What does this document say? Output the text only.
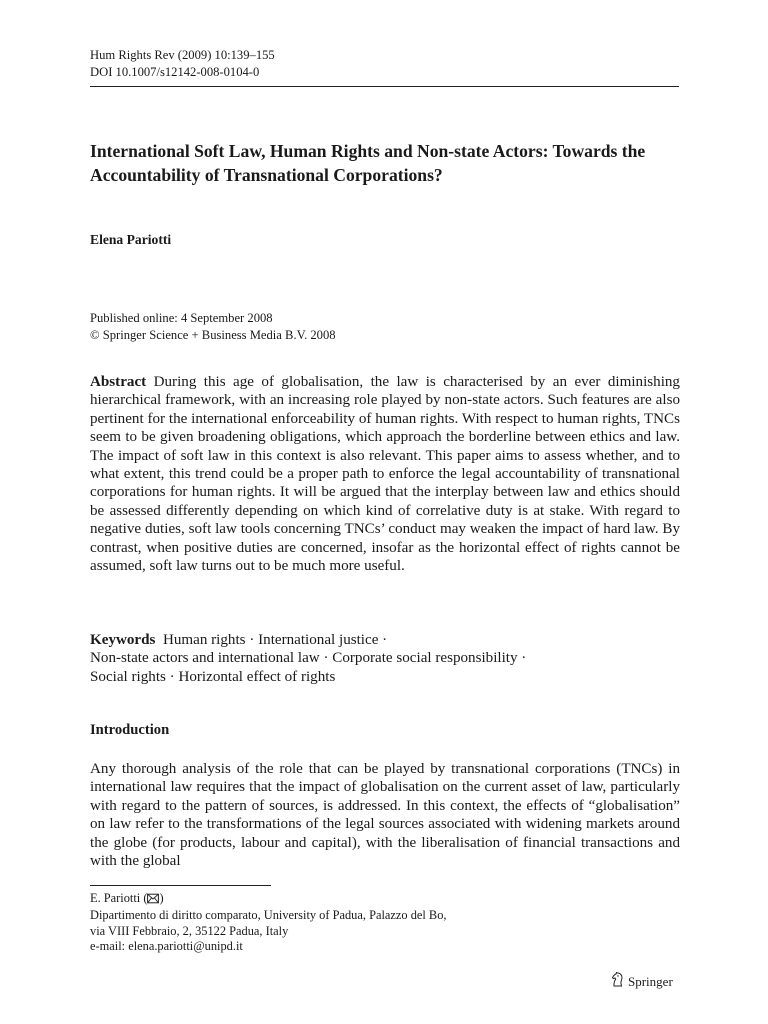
Hum Rights Rev (2009) 10:139–155
DOI 10.1007/s12142-008-0104-0
International Soft Law, Human Rights and Non-state Actors: Towards the Accountability of Transnational Corporations?
Elena Pariotti
Published online: 4 September 2008
© Springer Science + Business Media B.V. 2008

Abstract During this age of globalisation, the law is characterised by an ever diminishing hierarchical framework, with an increasing role played by non-state actors. Such features are also pertinent for the international enforceability of human rights. With respect to human rights, TNCs seem to be given broadening obligations, which approach the borderline between ethics and law. The impact of soft law in this context is also relevant. This paper aims to assess whether, and to what extent, this trend could be a proper path to enforce the legal accountability of transnational corporations for human rights. It will be argued that the interplay between law and ethics should be assessed differently depending on which kind of correlative duty is at stake. With regard to negative duties, soft law tools concerning TNCs’ conduct may weaken the impact of hard law. By contrast, when positive duties are concerned, insofar as the horizontal effect of rights cannot be assumed, soft law turns out to be much more useful.

Keywords Human rights · International justice ·
Non-state actors and international law · Corporate social responsibility ·
Social rights · Horizontal effect of rights
Introduction

Any thorough analysis of the role that can be played by transnational corporations (TNCs) in international law requires that the impact of globalisation on the current asset of law, particularly with regard to the pattern of sources, is addressed. In this context, the effects of “globalisation” on law refer to the transformations of the legal sources associated with widening markets around the globe (for products, labour and capital), with the liberalisation of financial transactions and with the global

E. Pariotti ( )
Dipartimento di diritto comparato, University of Padua, Palazzo del Bo,
via VIII Febbraio, 2, 35122 Padua, Italy
e-mail: elena.pariotti@unipd.it
Springer
